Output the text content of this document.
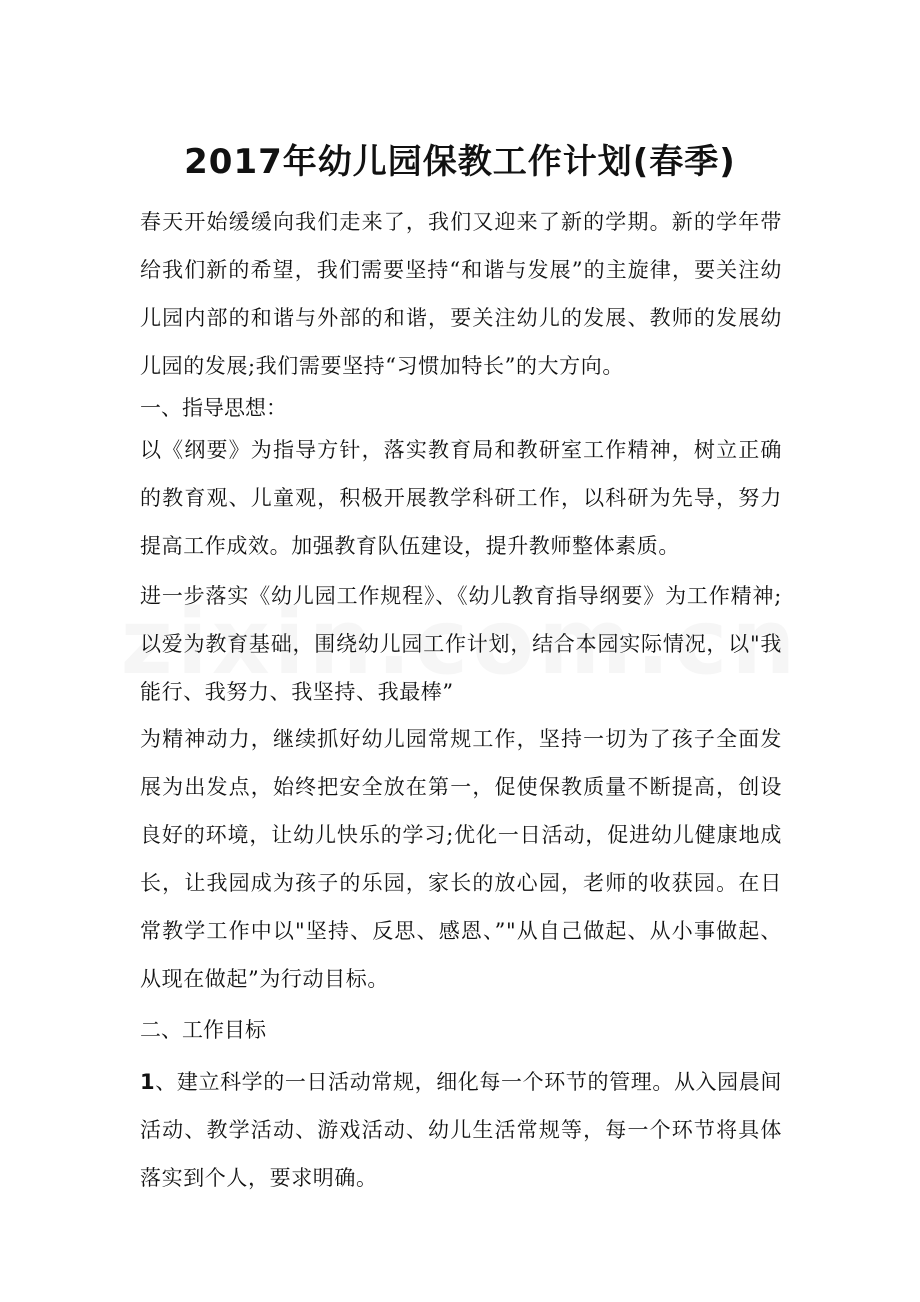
2017年幼儿园保教工作计划(春季)
春天开始缓缓向我们走来了，我们又迎来了新的学期。新的学年带给我们新的希望，我们需要坚持“和谐与发展”的主旋律，要关注幼儿园内部的和谐与外部的和谐，要关注幼儿的发展、教师的发展幼儿园的发展;我们需要坚持“习惯加特长”的大方向。
一、指导思想：
以《纲要》为指导方针，落实教育局和教研室工作精神，树立正确的教育观、儿童观，积极开展教学科研工作，以科研为先导，努力提高工作成效。加强教育队伍建设，提升教师整体素质。
进一步落实《幼儿园工作规程》、《幼儿教育指导纲要》为工作精神;以爱为教育基础，围绕幼儿园工作计划，结合本园实际情况，以"我能行、我努力、我坚持、我最棒”
为精神动力，继续抓好幼儿园常规工作，坚持一切为了孩子全面发展为出发点，始终把安全放在第一，促使保教质量不断提高，创设良好的环境，让幼儿快乐的学习;优化一日活动，促进幼儿健康地成长，让我园成为孩子的乐园，家长的放心园，老师的收获园。在日常教学工作中以"坚持、反思、感恩、”"从自己做起、从小事做起、从现在做起”为行动目标。
二、工作目标
1、建立科学的一日活动常规，细化每一个环节的管理。从入园晨间活动、教学活动、游戏活动、幼儿生活常规等，每一个环节将具体落实到个人，要求明确。
